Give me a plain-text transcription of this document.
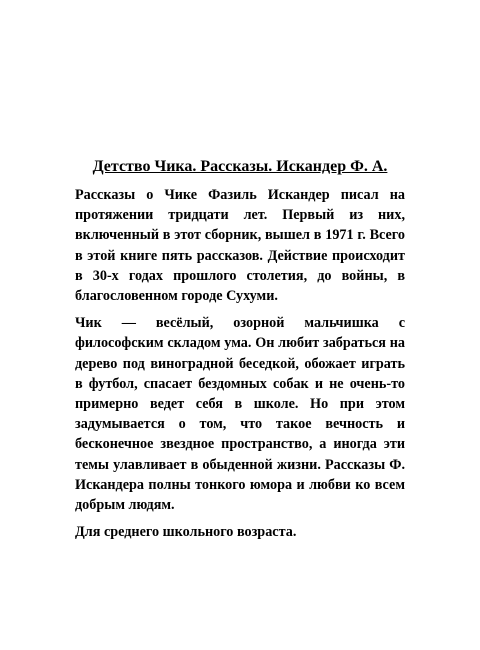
Детство Чика. Рассказы. Искандер Ф. А.

Рассказы о Чике Фазиль Искандер писал на протяжении тридцати лет. Первый из них, включенный в этот сборник, вышел в 1971 г. Всего в этой книге пять рассказов. Действие происходит в 30-х годах прошлого столетия, до войны, в благословенном городе Сухуми.

Чик — весёлый, озорной мальчишка с философским складом ума. Он любит забраться на дерево под виноградной беседкой, обожает играть в футбол, спасает бездомных собак и не очень-то примерно ведет себя в школе. Но при этом задумывается о том, что такое вечность и бесконечное звездное пространство, а иногда эти темы улавливает в обыденной жизни. Рассказы Ф. Искандера полны тонкого юмора и любви ко всем добрым людям.

Для среднего школьного возраста.
